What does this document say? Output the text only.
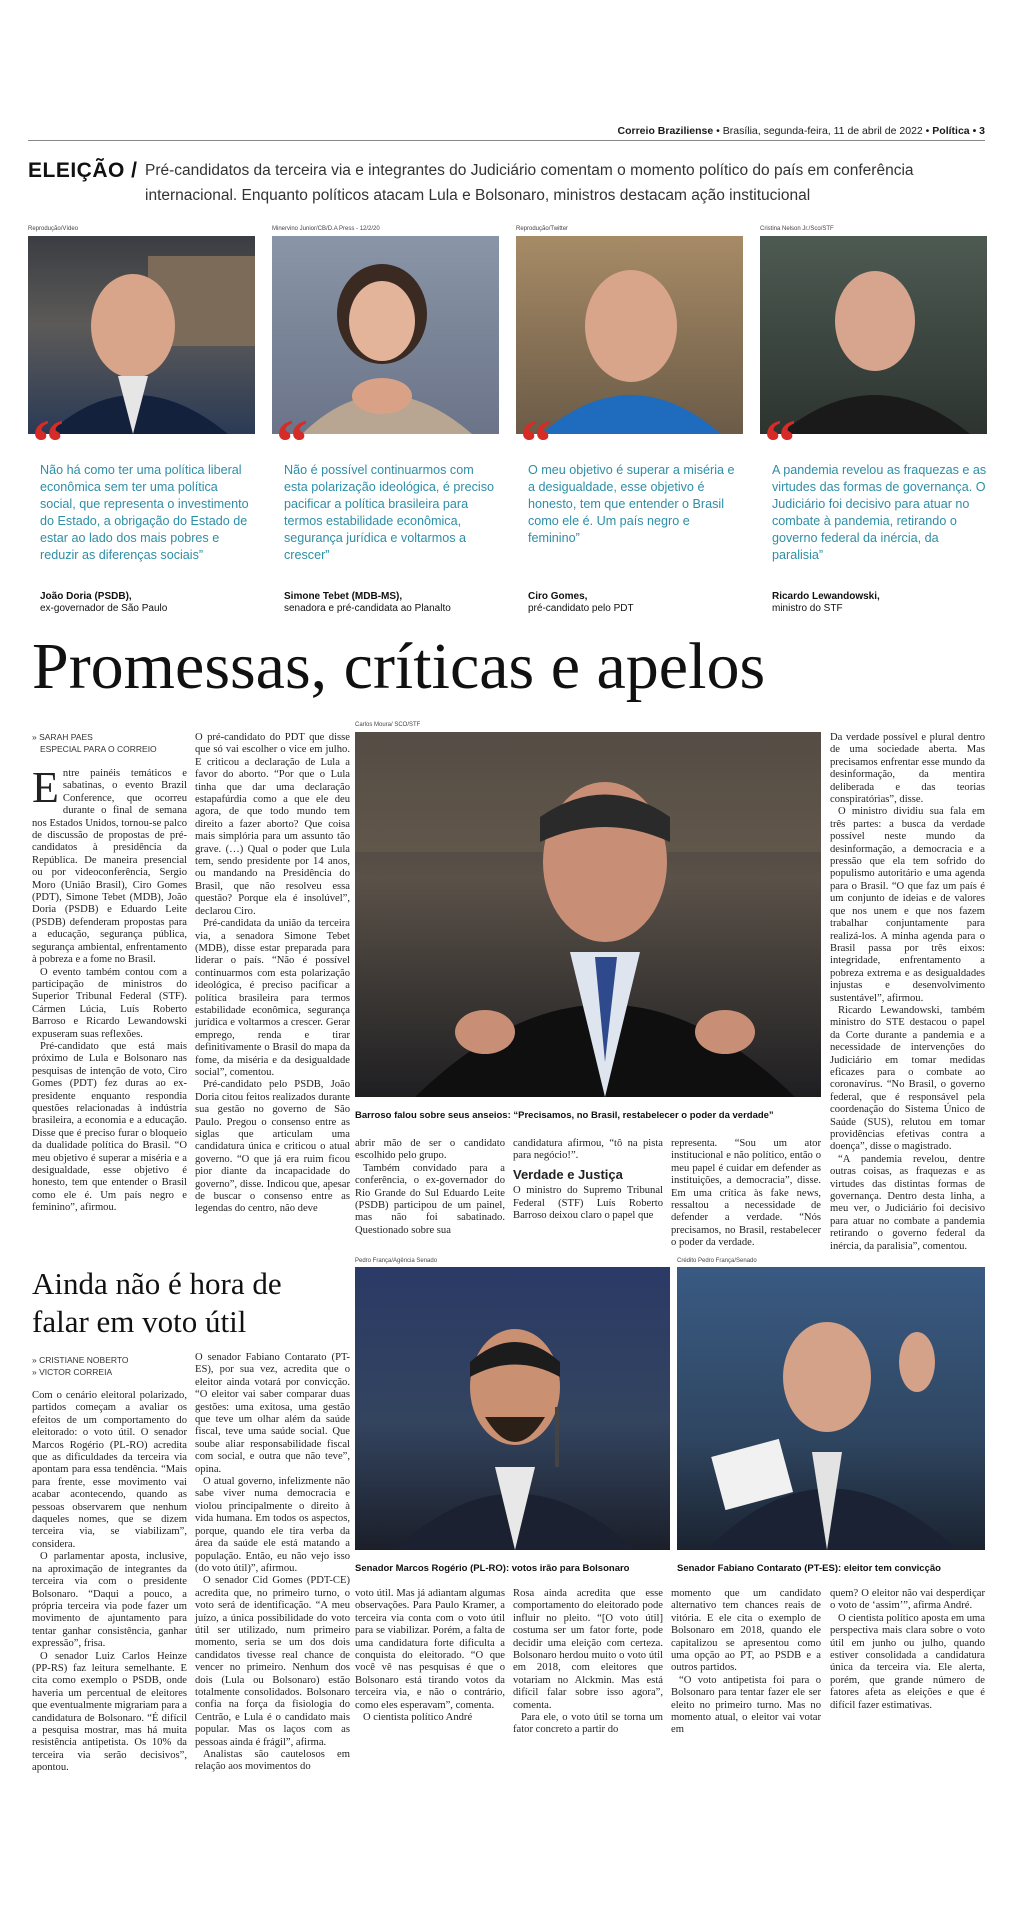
Correio Braziliense • Brasília, segunda-feira, 11 de abril de 2022 • Política • 3
ELEIÇÃO / Pré-candidatos da terceira via e integrantes do Judiciário comentam o momento político do país em conferência internacional. Enquanto políticos atacam Lula e Bolsonaro, ministros destacam ação institucional
Reprodução/Vídeo
“
Minervino Junior/CB/D.A Press - 12/2/20
“
Reprodução/Twitter
“
Cristina Nelson Jr./Sco/STF
“
Não há como ter uma política liberal econômica sem ter uma política social, que representa o investimento do Estado, a obrigação do Estado de estar ao lado dos mais pobres e reduzir as diferenças sociais”
Não é possível continuarmos com esta polarização ideológica, é preciso pacificar a política brasileira para termos estabilidade econômica, segurança jurídica e voltarmos a crescer”
O meu objetivo é superar a miséria e a desigualdade, esse objetivo é honesto, tem que entender o Brasil como ele é. Um país negro e feminino”
A pandemia revelou as fraquezas e as virtudes das formas de governança. O Judiciário foi decisivo para atuar no combate à pandemia, retirando o governo federal da inércia, da paralisia”
João Doria (PSDB),
ex-governador de São Paulo
Simone Tebet (MDB-MS),
senadora e pré-candidata ao Planalto
Ciro Gomes,
pré-candidato pelo PDT
Ricardo Lewandowski,
ministro do STF
Promessas, críticas e apelos
» SARAH PAES
ESPECIAL PARA O CORREIO
E ntre painéis temáticos e sabatinas, o evento Brazil Conference, que ocorreu durante o final de semana nos Estados Unidos, tornou-se palco de discussão de propostas de pré-candidatos à presidência da República. De maneira presencial ou por videoconferência, Sergio Moro (União Brasil), Ciro Gomes (PDT), Simone Tebet (MDB), João Doria (PSDB) e Eduardo Leite (PSDB) defenderam propostas para a educação, segurança pública, segurança ambiental, enfrentamento à pobreza e a fome no Brasil.

O evento também contou com a participação de ministros do Superior Tribunal Federal (STF). Cármen Lúcia, Luís Roberto Barroso e Ricardo Lewandowski expuseram suas reflexões.

Pré-candidato que está mais próximo de Lula e Bolsonaro nas pesquisas de intenção de voto, Ciro Gomes (PDT) fez duras ao ex-presidente enquanto respondia questões relacionadas à indústria brasileira, a economia e a educação. Disse que é preciso furar o bloqueio da dualidade política do Brasil. “O meu objetivo é superar a miséria e a desigualdade, esse objetivo é honesto, tem que entender o Brasil como ele é. Um país negro e feminino”, afirmou.

O pré-candidato do PDT que disse que só vai escolher o vice em julho. E criticou a declaração de Lula a favor do aborto. “Por que o Lula tinha que dar uma declaração estapafúrdia como a que ele deu agora, de que todo mundo tem direito a fazer aborto? Que coisa mais simplória para um assunto tão grave. (…) Qual o poder que Lula tem, sendo presidente por 14 anos, ou mandando na Presidência do Brasil, que não resolveu essa questão? Porque ela é insolúvel”, declarou Ciro.

Pré-candidata da união da terceira via, a senadora Simone Tebet (MDB), disse estar preparada para liderar o país. “Não é possível continuarmos com esta polarização ideológica, é preciso pacificar a política brasileira para termos estabilidade econômica, segurança jurídica e voltarmos a crescer. Gerar emprego, renda e tirar definitivamente o Brasil do mapa da fome, da miséria e da desigualdade social”, comentou.

Pré-candidato pelo PSDB, João Doria citou feitos realizados durante sua gestão no governo de São Paulo. Pregou o consenso entre as siglas que articulam uma candidatura única e criticou o atual governo. “O que já era ruim ficou pior diante da incapacidade do governo”, disse. Indicou que, apesar de buscar o consenso entre as legendas do centro, não deve

Carlos Moura/ SCO/STF
Barroso falou sobre seus anseios: “Precisamos, no Brasil, restabelecer o poder da verdade”

abrir mão de ser o candidato escolhido pelo grupo.

Também convidado para a conferência, o ex-governador do Rio Grande do Sul Eduardo Leite (PSDB) participou de um painel, mas não foi sabatinado. Questionado sobre sua

candidatura afirmou, “tô na pista para negócio!”.
Verdade e Justiça
O ministro do Supremo Tribunal Federal (STF) Luís Roberto Barroso deixou claro o papel que
representa. “Sou um ator institucional e não político, então o meu papel é cuidar em defender as instituições, a democracia”, disse. Em uma crítica às fake news, ressaltou a necessidade de defender a verdade. “Nós precisamos, no Brasil, restabelecer o poder da verdade.

Da verdade possível e plural dentro de uma sociedade aberta. Mas precisamos enfrentar esse mundo da desinformação, da mentira deliberada e das teorias conspiratórias”, disse.

O ministro dividiu sua fala em três partes: a busca da verdade possível neste mundo da desinformação, a democracia e a pressão que ela tem sofrido do populismo autoritário e uma agenda para o Brasil. “O que faz um país é um conjunto de ideias e de valores que nos unem e que nos fazem trabalhar conjuntamente para realizá-los. A minha agenda para o Brasil passa por três eixos: integridade, enfrentamento a pobreza extrema e as desigualdades injustas e desenvolvimento sustentável”, afirmou.

Ricardo Lewandowski, também ministro do STE destacou o papel da Corte durante a pandemia e a necessidade de intervenções do Judiciário em tomar medidas eficazes para o combate ao coronavírus. “No Brasil, o governo federal, que é responsável pela coordenação do Sistema Único de Saúde (SUS), relutou em tomar providências efetivas contra a doença”, disse o magistrado.

“A pandemia revelou, dentre outras coisas, as fraquezas e as virtudes das distintas formas de governança. Dentro desta linha, a meu ver, o Judiciário foi decisivo para atuar no combate a pandemia retirando o governo federal da inércia, da paralisia”, comentou.

Ainda não é hora de falar em voto útil
» CRISTIANE NOBERTO
» VICTOR CORREIA

Com o cenário eleitoral polarizado, partidos começam a avaliar os efeitos de um comportamento do eleitorado: o voto útil. O senador Marcos Rogério (PL-RO) acredita que as dificuldades da terceira via apontam para essa tendência. “Mais para frente, esse movimento vai acabar acontecendo, quando as pessoas observarem que nenhum daqueles nomes, que se dizem terceira via, se viabilizam”, considera.

O parlamentar aposta, inclusive, na aproximação de integrantes da terceira via com o presidente Bolsonaro. “Daqui a pouco, a própria terceira via pode fazer um movimento de ajuntamento para tentar ganhar consistência, ganhar expressão”, frisa.

O senador Luiz Carlos Heinze (PP-RS) faz leitura semelhante. E cita como exemplo o PSDB, onde haveria um percentual de eleitores que eventualmente migrariam para a candidatura de Bolsonaro. “É difícil a pesquisa mostrar, mas há muita resistência antipetista. Os 10% da terceira via serão decisivos”, apontou.

O senador Fabiano Contarato (PT-ES), por sua vez, acredita que o eleitor ainda votará por convicção. “O eleitor vai saber comparar duas gestões: uma exitosa, uma gestão que teve um olhar além da saúde fiscal, teve uma saúde social. Que soube aliar responsabilidade fiscal com social, e outra que não teve”, opina.

O atual governo, infelizmente não sabe viver numa democracia e violou principalmente o direito à vida humana. Em todos os aspectos, porque, quando ele tira verba da área da saúde ele está matando a população. Então, eu não vejo isso (do voto útil)”, afirmou.

O senador Cid Gomes (PDT-CE) acredita que, no primeiro turno, o voto será de identificação. “A meu juízo, a única possibilidade do voto útil ser utilizado, num primeiro momento, seria se um dos dois candidatos tivesse real chance de vencer no primeiro. Nenhum dos dois (Lula ou Bolsonaro) estão totalmente consolidados. Bolsonaro confia na força da fisiologia do Centrão, e Lula é o candidato mais popular. Mas os laços com as pessoas ainda é frágil”, afirma.

Analistas são cautelosos em relação aos movimentos do

Pedro França/Agência Senado
Senador Marcos Rogério (PL-RO): votos irão para Bolsonaro
Crédito Pedro França/Senado
Senador Fabiano Contarato (PT-ES): eleitor tem convicção

voto útil. Mas já adiantam algumas observações. Para Paulo Kramer, a terceira via conta com o voto útil para se viabilizar. Porém, a falta de uma candidatura forte dificulta a conquista do eleitorado. “O que você vê nas pesquisas é que o Bolsonaro está tirando votos da terceira via, e não o contrário, como eles esperavam”, comenta.

O cientista político André

Rosa ainda acredita que esse comportamento do eleitorado pode influir no pleito. “[O voto útil] costuma ser um fator forte, pode decidir uma eleição com certeza. Bolsonaro herdou muito o voto útil em 2018, com eleitores que votariam no Alckmin. Mas está difícil falar sobre isso agora”, comenta.

Para ele, o voto útil se torna um fator concreto a partir do

momento que um candidato alternativo tem chances reais de vitória. E ele cita o exemplo de Bolsonaro em 2018, quando ele capitalizou se apresentou como uma opção ao PT, ao PSDB e a outros partidos.

“O voto antipetista foi para o Bolsonaro para tentar fazer ele ser eleito no primeiro turno. Mas no momento atual, o eleitor vai votar em

quem? O eleitor não vai desperdiçar o voto de ‘assim’”, afirma André.

O cientista político aposta em uma perspectiva mais clara sobre o voto útil em junho ou julho, quando estiver consolidada a candidatura única da terceira via. Ele alerta, porém, que grande número de fatores afeta as eleições e que é difícil fazer estimativas.
